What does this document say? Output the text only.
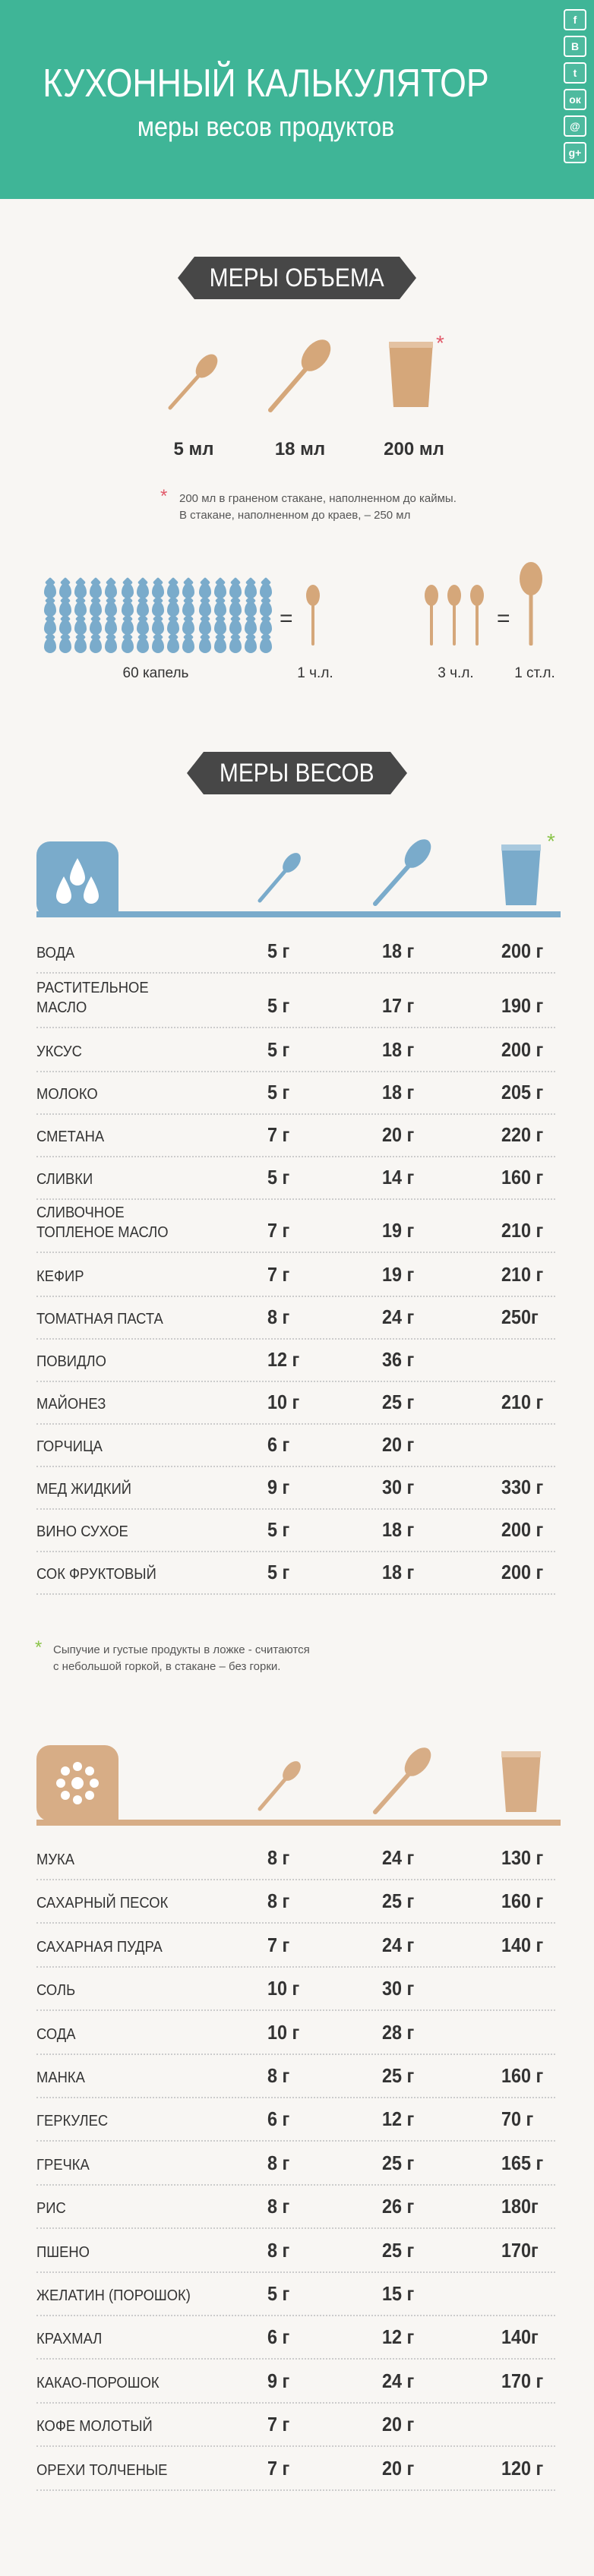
КУХОННЫЙ КАЛЬКУЛЯТОР
меры весов продуктов
f
B
t
ок
@
g+
МЕРЫ ОБЪЕМА
*
5 мл	18 мл	200 мл
* 200 мл в граненом стакане, наполненном до каймы.
В стакане, наполненном до краев, – 250 мл
=	=
60 капель	1 ч.л.	3 ч.л.	1 ст.л.
МЕРЫ ВЕСОВ
*
ВОДА	5 г	18 г	200 г
РАСТИТЕЛЬНОЕ
МАСЛО	5 г	17 г	190 г
УКСУС	5 г	18 г	200 г
МОЛОКО	5 г	18 г	205 г
СМЕТАНА	7 г	20 г	220 г
СЛИВКИ	5 г	14 г	160 г
СЛИВОЧНОЕ
ТОПЛЕНОЕ МАСЛО	7 г	19 г	210 г
КЕФИР	7 г	19 г	210 г
ТОМАТНАЯ ПАСТА	8 г	24 г	250г
ПОВИДЛО	12 г	36 г
МАЙОНЕЗ	10 г	25 г	210 г
ГОРЧИЦА	6 г	20 г
МЕД ЖИДКИЙ	9 г	30 г	330 г
ВИНО СУХОЕ	5 г	18 г	200 г
СОК ФРУКТОВЫЙ	5 г	18 г	200 г
* Сыпучие и густые продукты в ложке - считаются
с небольшой горкой, в стакане – без горки.
МУКА	8 г	24 г	130 г
САХАРНЫЙ ПЕСОК	8 г	25 г	160 г
САХАРНАЯ ПУДРА	7 г	24 г	140 г
СОЛЬ	10 г	30 г
СОДА	10 г	28 г
МАНКА	8 г	25 г	160 г
ГЕРКУЛЕС	6 г	12 г	70 г
ГРЕЧКА	8 г	25 г	165 г
РИС	8 г	26 г	180г
ПШЕНО	8 г	25 г	170г
ЖЕЛАТИН (ПОРОШОК)	5 г	15 г
КРАХМАЛ	6 г	12 г	140г
КАКАО-ПОРОШОК	9 г	24 г	170 г
КОФЕ МОЛОТЫЙ	7 г	20 г
ОРЕХИ ТОЛЧЕНЫЕ	7 г	20 г	120 г
